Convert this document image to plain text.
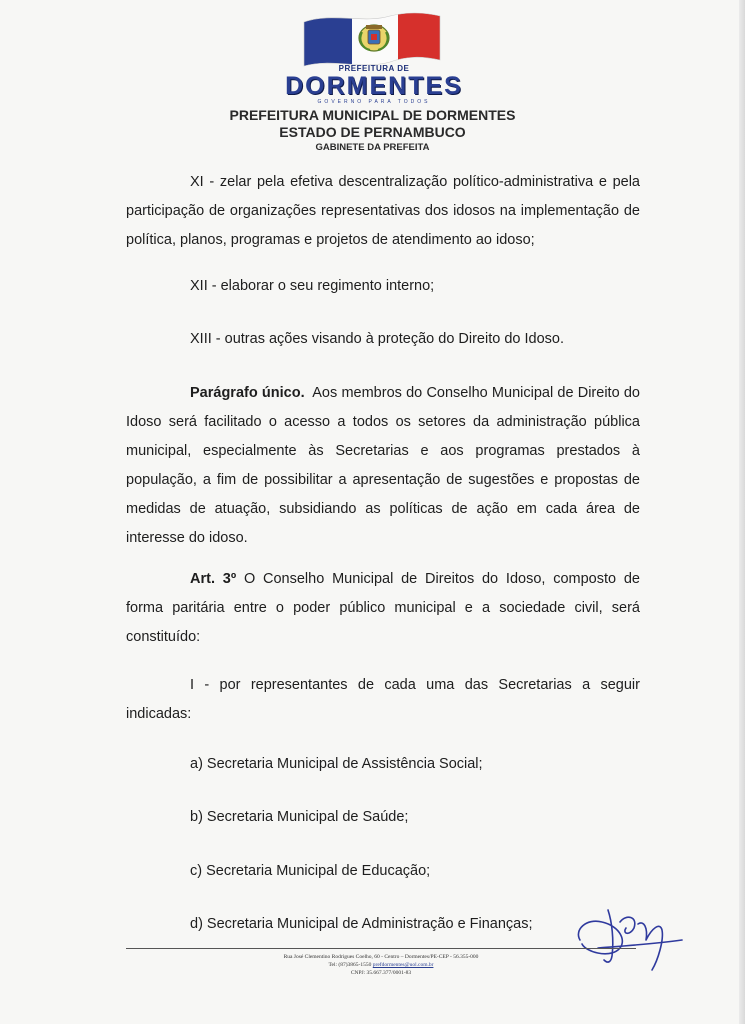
PREFEITURA DE
DORMENTES
GOVERNO PARA TODOS
PREFEITURA MUNICIPAL DE DORMENTES
ESTADO DE PERNAMBUCO
GABINETE DA PREFEITA
XI - zelar pela efetiva descentralização político-administrativa e pela participação de organizações representativas dos idosos na implementação de política, planos, programas e projetos de atendimento ao idoso;
XII - elaborar o seu regimento interno;
XIII - outras ações visando à proteção do Direito do Idoso.
Parágrafo único. Aos membros do Conselho Municipal de Direito do Idoso será facilitado o acesso a todos os setores da administração pública municipal, especialmente às Secretarias e aos programas prestados à população, a fim de possibilitar a apresentação de sugestões e propostas de medidas de atuação, subsidiando as políticas de ação em cada área de interesse do idoso.
Art. 3º O Conselho Municipal de Direitos do Idoso, composto de forma paritária entre o poder público municipal e a sociedade civil, será constituído:
I - por representantes de cada uma das Secretarias a seguir indicadas:
a) Secretaria Municipal de Assistência Social;
b) Secretaria Municipal de Saúde;
c) Secretaria Municipal de Educação;
d) Secretaria Municipal de Administração e Finanças;
Rua José Clementino Rodrigues Coelho, 60 - Centro – Dormentes/PE-CEP - 56.355-000
Tel: (87)3865-1550 prefdormentes@uol.com.br
CNPJ: 35.667.377/0001-83
